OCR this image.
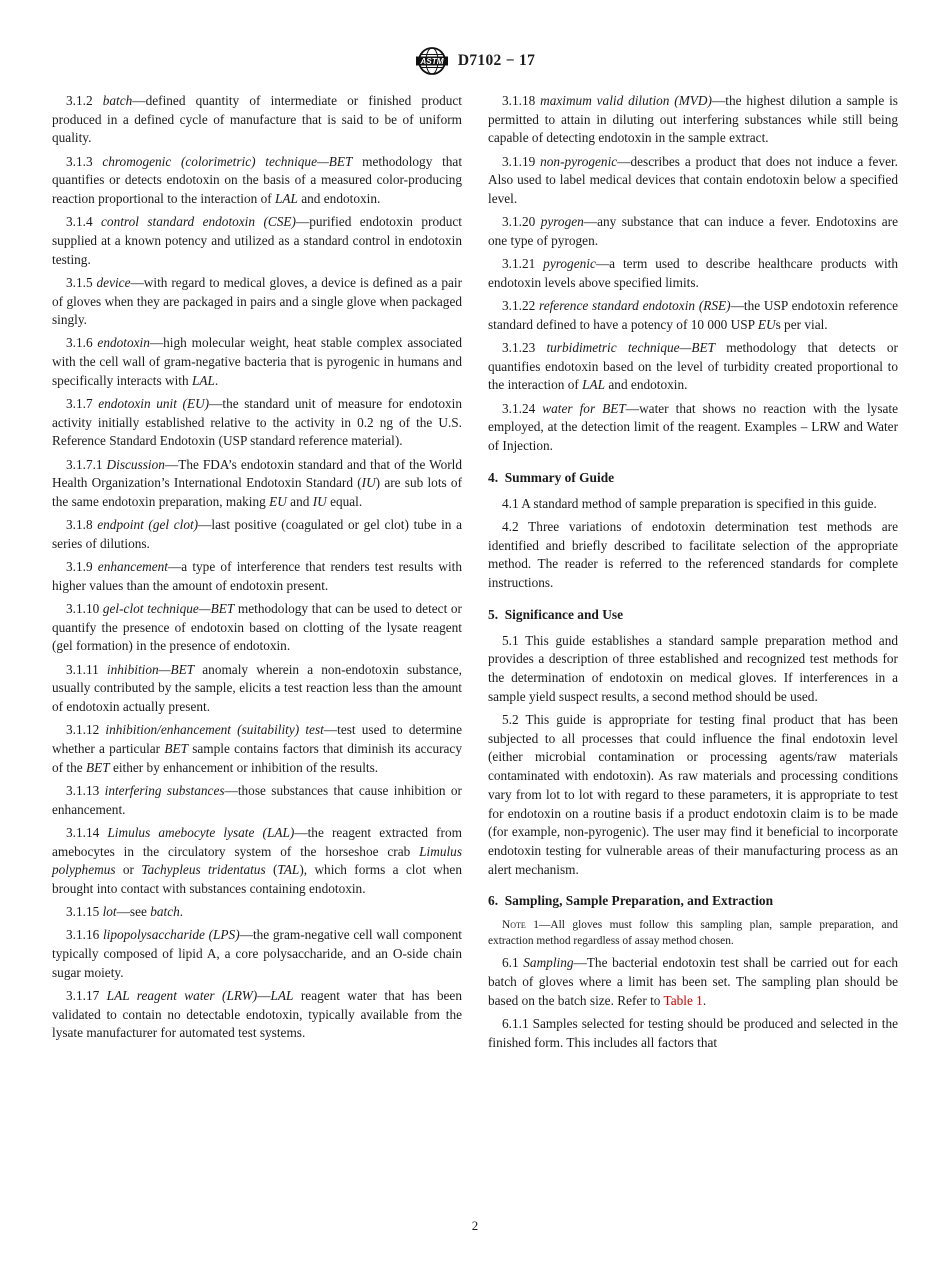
ASTM D7102 − 17

3.1.2 batch—defined quantity of intermediate or finished product produced in a defined cycle of manufacture that is said to be of uniform quality.

3.1.3 chromogenic (colorimetric) technique—BET methodology that quantifies or detects endotoxin on the basis of a measured color-producing reaction proportional to the interaction of LAL and endotoxin.

3.1.4 control standard endotoxin (CSE)—purified endotoxin product supplied at a known potency and utilized as a standard control in endotoxin testing.

3.1.5 device—with regard to medical gloves, a device is defined as a pair of gloves when they are packaged in pairs and a single glove when packaged singly.

3.1.6 endotoxin—high molecular weight, heat stable complex associated with the cell wall of gram-negative bacteria that is pyrogenic in humans and specifically interacts with LAL.

3.1.7 endotoxin unit (EU)—the standard unit of measure for endotoxin activity initially established relative to the activity in 0.2 ng of the U.S. Reference Standard Endotoxin (USP standard reference material).

3.1.7.1 Discussion—The FDA’s endotoxin standard and that of the World Health Organization’s International Endotoxin Standard (IU) are sub lots of the same endotoxin preparation, making EU and IU equal.

3.1.8 endpoint (gel clot)—last positive (coagulated or gel clot) tube in a series of dilutions.

3.1.9 enhancement—a type of interference that renders test results with higher values than the amount of endotoxin present.

3.1.10 gel-clot technique—BET methodology that can be used to detect or quantify the presence of endotoxin based on clotting of the lysate reagent (gel formation) in the presence of endotoxin.

3.1.11 inhibition—BET anomaly wherein a non-endotoxin substance, usually contributed by the sample, elicits a test reaction less than the amount of endotoxin actually present.

3.1.12 inhibition/enhancement (suitability) test—test used to determine whether a particular BET sample contains factors that diminish its accuracy of the BET either by enhancement or inhibition of the results.

3.1.13 interfering substances—those substances that cause inhibition or enhancement.

3.1.14 Limulus amebocyte lysate (LAL)—the reagent extracted from amebocytes in the circulatory system of the horseshoe crab Limulus polyphemus or Tachypleus tridentatus (TAL), which forms a clot when brought into contact with substances containing endotoxin.

3.1.15 lot—see batch.

3.1.16 lipopolysaccharide (LPS)—the gram-negative cell wall component typically composed of lipid A, a core polysaccharide, and an O-side chain sugar moiety.

3.1.17 LAL reagent water (LRW)—LAL reagent water that has been validated to contain no detectable endotoxin, typically available from the lysate manufacturer for automated test systems.

3.1.18 maximum valid dilution (MVD)—the highest dilution a sample is permitted to attain in diluting out interfering substances while still being capable of detecting endotoxin in the sample extract.

3.1.19 non-pyrogenic—describes a product that does not induce a fever. Also used to label medical devices that contain endotoxin below a specified level.

3.1.20 pyrogen—any substance that can induce a fever. Endotoxins are one type of pyrogen.

3.1.21 pyrogenic—a term used to describe healthcare products with endotoxin levels above specified limits.

3.1.22 reference standard endotoxin (RSE)—the USP endotoxin reference standard defined to have a potency of 10 000 USP EUs per vial.

3.1.23 turbidimetric technique—BET methodology that detects or quantifies endotoxin based on the level of turbidity created proportional to the interaction of LAL and endotoxin.

3.1.24 water for BET—water that shows no reaction with the lysate employed, at the detection limit of the reagent. Examples – LRW and Water of Injection.

4.  Summary of Guide

4.1 A standard method of sample preparation is specified in this guide.

4.2 Three variations of endotoxin determination test methods are identified and briefly described to facilitate selection of the appropriate method. The reader is referred to the referenced standards for complete instructions.

5.  Significance and Use

5.1 This guide establishes a standard sample preparation method and provides a description of three established and recognized test methods for the determination of endotoxin on medical gloves. If interferences in a sample yield suspect results, a second method should be used.

5.2 This guide is appropriate for testing final product that has been subjected to all processes that could influence the final endotoxin level (either microbial contamination or processing agents/raw materials contaminated with endotoxin). As raw materials and processing conditions vary from lot to lot with regard to these parameters, it is appropriate to test for endotoxin on a routine basis if a product endotoxin claim is to be made (for example, non-pyrogenic). The user may find it beneficial to incorporate endotoxin testing for vulnerable areas of their manufacturing process as an alert mechanism.

6.  Sampling, Sample Preparation, and Extraction

Note 1—All gloves must follow this sampling plan, sample preparation, and extraction method regardless of assay method chosen.

6.1 Sampling—The bacterial endotoxin test shall be carried out for each batch of gloves where a limit has been set. The sampling plan should be based on the batch size. Refer to Table 1.

6.1.1 Samples selected for testing should be produced and selected in the finished form. This includes all factors that

2
